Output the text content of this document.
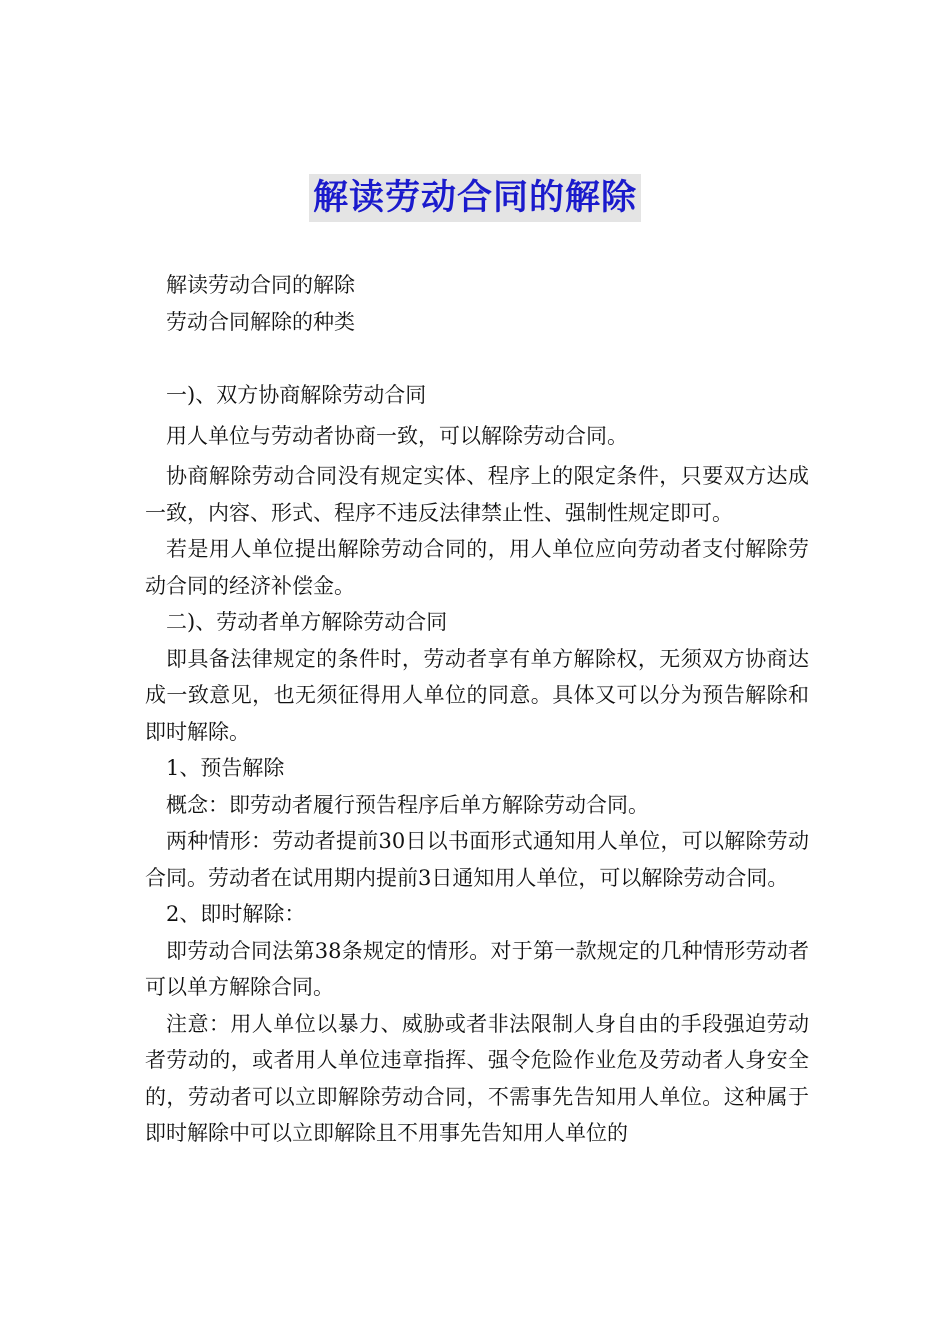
解读劳动合同的解除

解读劳动合同的解除

劳动合同解除的种类

一)、双方协商解除劳动合同

用人单位与劳动者协商一致，可以解除劳动合同。

协商解除劳动合同没有规定实体、程序上的限定条件，只要双方达成一致，内容、形式、程序不违反法律禁止性、强制性规定即可。

若是用人单位提出解除劳动合同的，用人单位应向劳动者支付解除劳动合同的经济补偿金。

二)、劳动者单方解除劳动合同

即具备法律规定的条件时，劳动者享有单方解除权，无须双方协商达成一致意见，也无须征得用人单位的同意。具体又可以分为预告解除和即时解除。

1、预告解除

概念：即劳动者履行预告程序后单方解除劳动合同。

两种情形：劳动者提前30日以书面形式通知用人单位，可以解除劳动合同。劳动者在试用期内提前3日通知用人单位，可以解除劳动合同。

2、即时解除：

即劳动合同法第38条规定的情形。对于第一款规定的几种情形劳动者可以单方解除合同。

注意：用人单位以暴力、威胁或者非法限制人身自由的手段强迫劳动者劳动的，或者用人单位违章指挥、强令危险作业危及劳动者人身安全的，劳动者可以立即解除劳动合同，不需事先告知用人单位。这种属于即时解除中可以立即解除且不用事先告知用人单位的
